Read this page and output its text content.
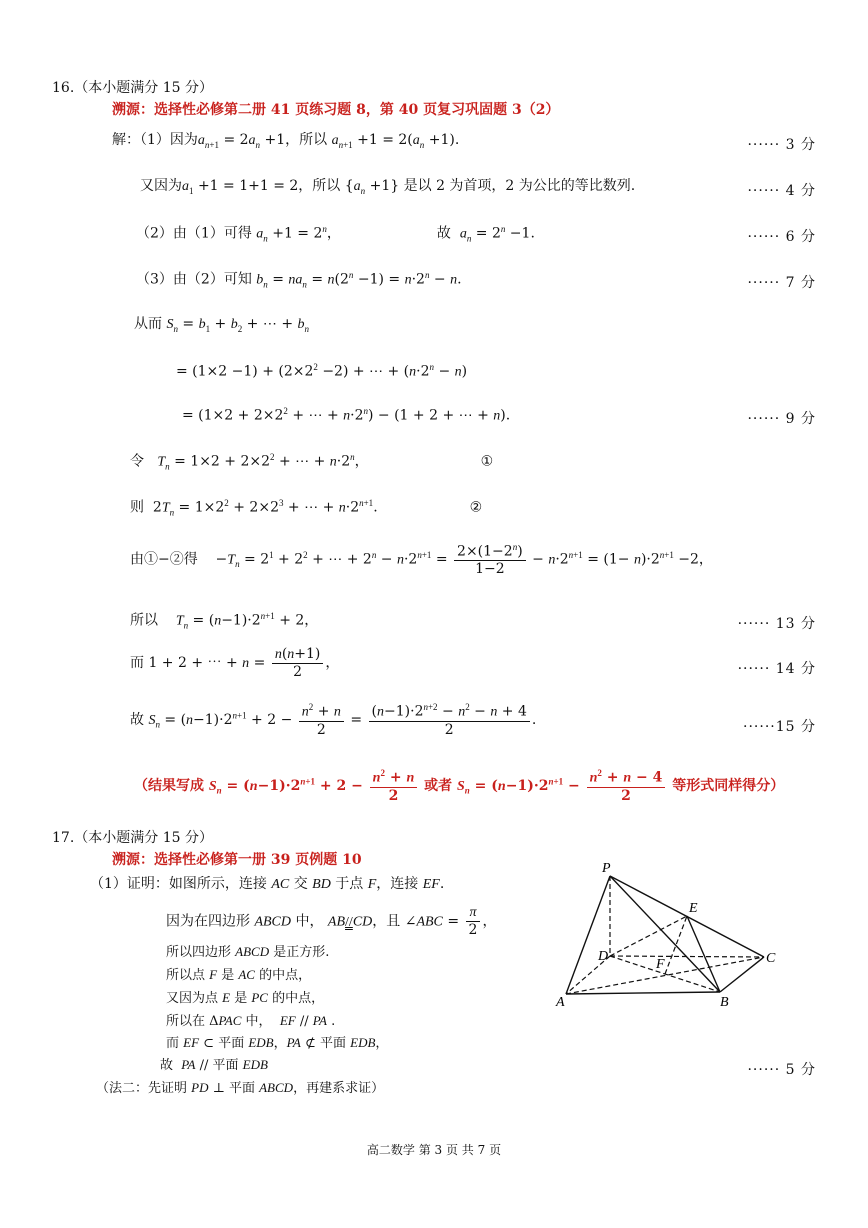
16.（本小题满分 15 分）
溯源：选择性必修第二册 41 页练习题 8，第 40 页复习巩固题 3（2）
解：（1）因为$a_{n+1} = 2a_n +1$，所以 $a_{n+1} +1 = 2(a_n +1)$.	······ 3 分
又因为$a_1 +1 = 1+1 = 2$，所以 $\{a_n +1\}$ 是以 2 为首项，2 为公比的等比数列.	······ 4 分
（2）由（1）可得 $a_n +1 = 2^n$，	故  $a_n = 2^n -1$.	······ 6 分
（3）由（2）可知 $b_n = na_n = n(2^n -1) = n\cdot 2^n - n$.	······ 7 分
从而 $S_n = b_1 + b_2$ + ⋯ + $b_n$
= $(1\times 2 -1) + (2\times 2^2 -2)$ + ⋯ + $(n\cdot 2^n - n)$
= ($1\times 2 + 2\times 2^2$ + ⋯ + $n\cdot 2^n) - (1 + 2$ + ⋯ + n).	······ 9 分
令   $T_n = 1\times 2 + 2\times 2^2$ + ⋯ + $n\cdot 2^n$，	①
则  $2T_n = 1\times 2^2 + 2\times 2^3$ + ⋯ + $n\cdot 2^{n+1}$.	②
由①−②得    $-T_n = 2^1 + 2^2$ + ⋯ + $2^n - n\cdot 2^{n+1} = \frac{2\times(1-2^n)}{1-2} - n\cdot 2^{n+1} = (1- n)\cdot 2^{n+1} -2$，
所以    $T_n = (n-1)\cdot 2^{n+1} + 2$，	······ 13 分
而 1 + 2 + ⋯ + $n = \frac{n(n+1)}{2}$ ，	······ 14 分
故 $S_n = (n-1)\cdot 2^{n+1} + 2 - \frac{n^2 + n}{2} = \frac{(n-1)\cdot 2^{n+2} - n^2 - n + 4}{2}$ .	······15 分
（结果写成 $S_n = (n-1)\cdot 2^{n+1} + 2 - \frac{n^2 + n}{2}$ 或者 $S_n = (n-1)\cdot 2^{n+1} - \frac{n^2 + n - 4}{2}$ 等形式同样得分）
17.（本小题满分 15 分）
溯源：选择性必修第一册 39 页例题 10
（1）证明：如图所示，连接 AC 交 BD 于点 F，连接 EF.
因为在四边形 ABCD 中， AB//CD，且 ∠ABC = $\frac{\pi}{2}$ ，
所以四边形 ABCD 是正方形.
所以点 F 是 AC 的中点，
又因为点 E 是 PC 的中点，
所以在 ΔPAC 中，  EF // PA .
而 EF ⊂ 平面 EDB，PA ⊄ 平面 EDB，
故  PA // 平面 EDB	······ 5 分
（法二：先证明 PD ⊥ 平面 ABCD，再建系求证）
P
E
D
F	C
A	B
高二数学 第 3 页 共 7 页
